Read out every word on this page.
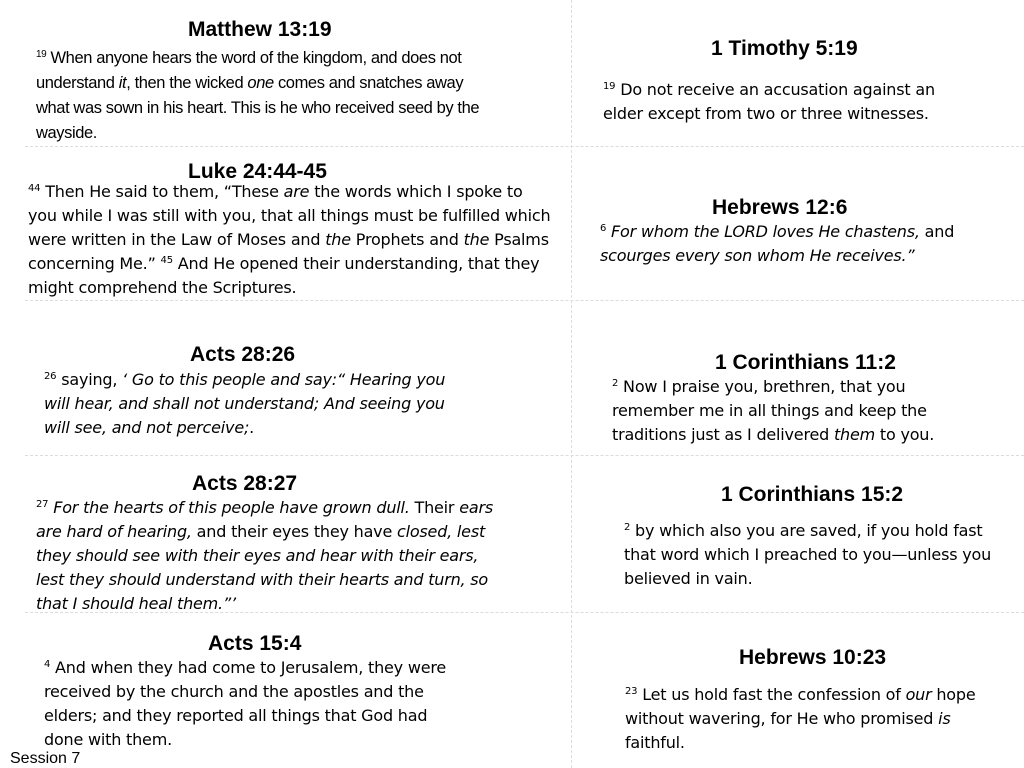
Matthew 13:19
$^{19}$ When anyone hears the word of the kingdom, and does not understand it, then the wicked one comes and snatches away what was sown in his heart. This is he who received seed by the wayside.
1 Timothy 5:19
$^{19}$ Do not receive an accusation against an elder except from two or three witnesses.
Luke 24:44-45
$^{44}$ Then He said to them, “These are the words which I spoke to you while I was still with you, that all things must be fulfilled which were written in the Law of Moses and the Prophets and the Psalms concerning Me.” $^{45}$ And He opened their understanding, that they might comprehend the Scriptures.
Hebrews 12:6
$^6$ For whom the LORD loves He chastens, and scourges every son whom He receives.”
Acts 28:26
$^{26}$ saying, ‘ Go to this people and say:“ Hearing you will hear, and shall not understand; And seeing you will see, and not perceive;.
1 Corinthians 11:2
$^2$ Now I praise you, brethren, that you remember me in all things and keep the traditions just as I delivered them to you.
Acts 28:27
$^{27}$ For the hearts of this people have grown dull. Their ears are hard of hearing, and their eyes they have closed, lest they should see with their eyes and hear with their ears, lest they should understand with their hearts and turn, so that I should heal them.”’
1 Corinthians 15:2
$^2$ by which also you are saved, if you hold fast that word which I preached to you—unless you believed in vain.
Acts 15:4
$^4$ And when they had come to Jerusalem, they were received by the church and the apostles and the elders; and they reported all things that God had done with them.
Hebrews 10:23
$^{23}$ Let us hold fast the confession of our hope without wavering, for He who promised is faithful.
Session 7
